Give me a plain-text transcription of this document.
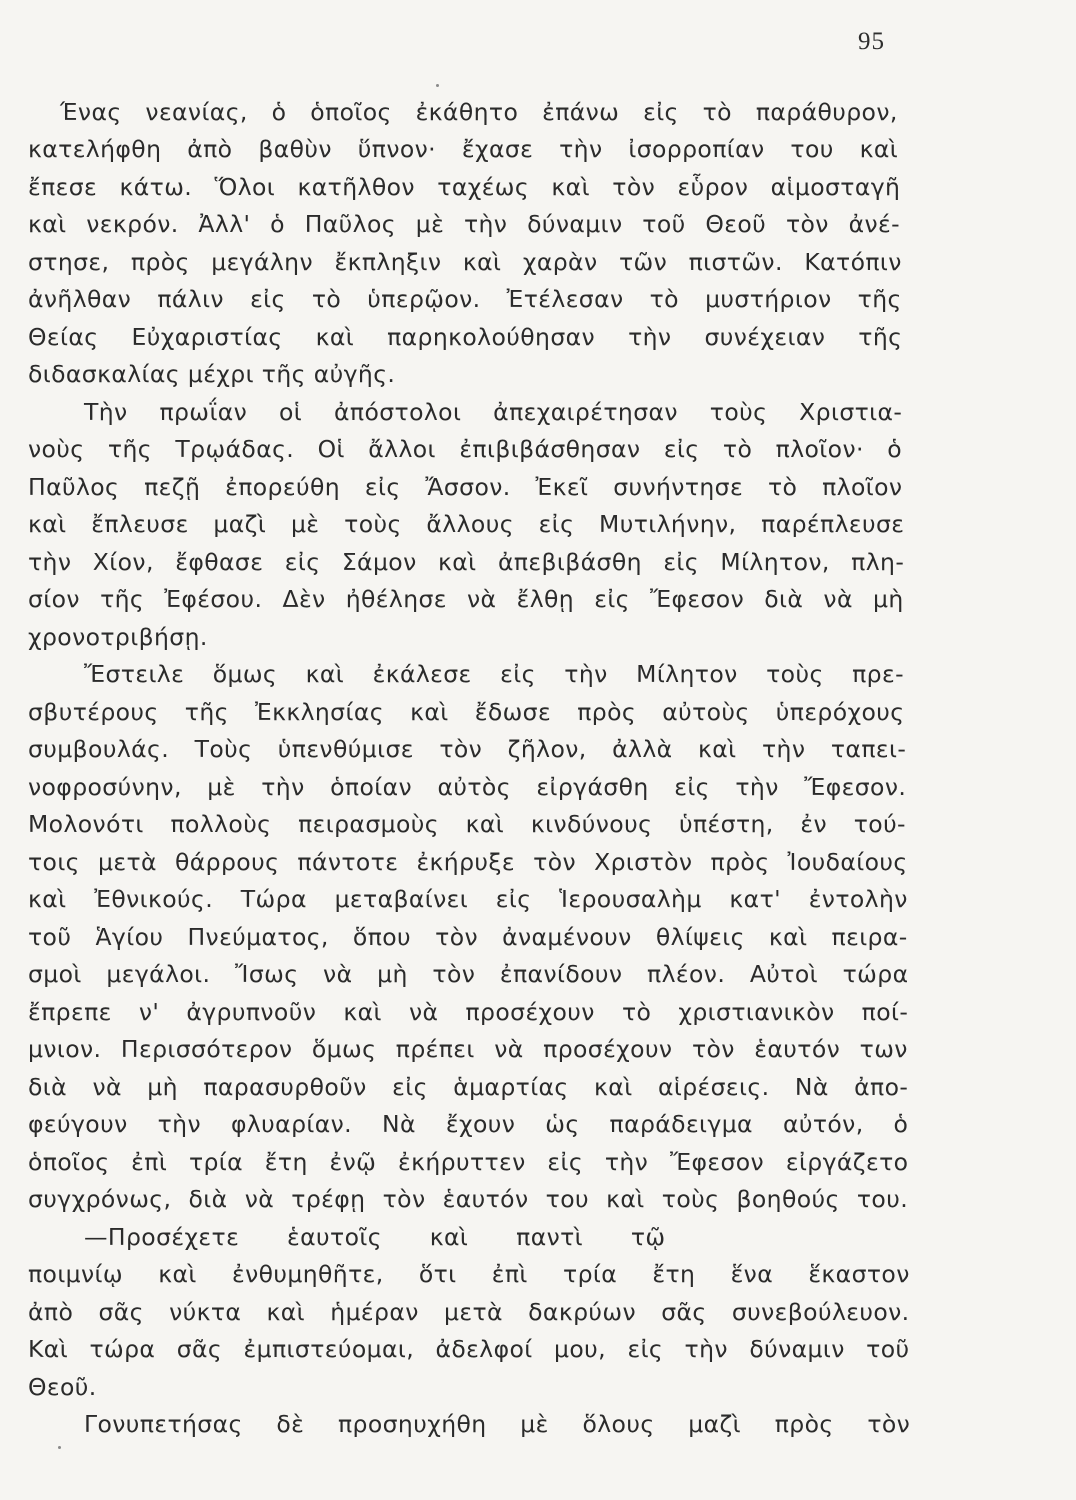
95
Ένας νεανίας, ὁ ὁποῖος ἐκάθητο ἐπάνω εἰς τὸ παράθυρον,
κατελήφθη ἀπὸ βαθὺν ὕπνον· ἔχασε τὴν ἰσορροπίαν του καὶ
ἔπεσε κάτω. Ὅλοι κατῆλθον ταχέως καὶ τὸν εὗρον αἱμοσταγῆ
καὶ νεκρόν. Ἀλλ' ὁ Παῦλος μὲ τὴν δύναμιν τοῦ Θεοῦ τὸν ἀνέ-
στησε, πρὸς μεγάλην ἔκπληξιν καὶ χαρὰν τῶν πιστῶν. Κατόπιν
ἀνῆλθαν πάλιν εἰς τὸ ὑπερῷον. Ἐτέλεσαν τὸ μυστήριον τῆς
Θείας Εὐχαριστίας καὶ παρηκολούθησαν τὴν συνέχειαν τῆς
διδασκαλίας μέχρι τῆς αὐγῆς.
Τὴν πρωΐαν οἱ ἀπόστολοι ἀπεχαιρέτησαν τοὺς Χριστια-
νοὺς τῆς Τρῳάδας. Οἱ ἄλλοι ἐπιβιβάσθησαν εἰς τὸ πλοῖον· ὁ
Παῦλος πεζῇ ἐπορεύθη εἰς Ἄσσον. Ἐκεῖ συνήντησε τὸ πλοῖον
καὶ ἔπλευσε μαζὶ μὲ τοὺς ἄλλους εἰς Μυτιλήνην, παρέπλευσε
τὴν Χίον, ἔφθασε εἰς Σάμον καὶ ἀπεβιβάσθη εἰς Μίλητον, πλη-
σίον τῆς Ἐφέσου. Δὲν ἠθέλησε νὰ ἔλθῃ εἰς Ἔφεσον διὰ νὰ μὴ
χρονοτριβήσῃ.
Ἔστειλε ὅμως καὶ ἐκάλεσε εἰς τὴν Μίλητον τοὺς πρε-
σβυτέρους τῆς Ἐκκλησίας καὶ ἔδωσε πρὸς αὐτοὺς ὑπερόχους
συμβουλάς. Τοὺς ὑπενθύμισε τὸν ζῆλον, ἀλλὰ καὶ τὴν ταπει-
νοφροσύνην, μὲ τὴν ὁποίαν αὐτὸς εἰργάσθη εἰς τὴν Ἔφεσον.
Μολονότι πολλοὺς πειρασμοὺς καὶ κινδύνους ὑπέστη, ἐν τού-
τοις μετὰ θάρρους πάντοτε ἐκήρυξε τὸν Χριστὸν πρὸς Ἰουδαίους
καὶ Ἐθνικούς. Τώρα μεταβαίνει εἰς Ἱερουσαλὴμ κατ' ἐντολὴν
τοῦ Ἁγίου Πνεύματος, ὅπου τὸν ἀναμένουν θλίψεις καὶ πειρα-
σμοὶ μεγάλοι. Ἴσως νὰ μὴ τὸν ἐπανίδουν πλέον. Αὐτοὶ τώρα
ἔπρεπε ν' ἀγρυπνοῦν καὶ νὰ προσέχουν τὸ χριστιανικὸν ποί-
μνιον. Περισσότερον ὅμως πρέπει νὰ προσέχουν τὸν ἑαυτόν των
διὰ νὰ μὴ παρασυρθοῦν εἰς ἁμαρτίας καὶ αἱρέσεις. Νὰ ἀπο-
φεύγουν τὴν φλυαρίαν. Νὰ ἔχουν ὡς παράδειγμα αὐτόν, ὁ
ὁποῖος ἐπὶ τρία ἔτη ἐνῷ ἐκήρυττεν εἰς τὴν Ἔφεσον εἰργάζετο
συγχρόνως, διὰ νὰ τρέφῃ τὸν ἑαυτόν του καὶ τοὺς βοηθούς του.
—Προσέχετε ἑαυτοῖς καὶ παντὶ τῷ
ποιμνίῳ καὶ ἐνθυμηθῆτε, ὅτι ἐπὶ τρία ἔτη ἕνα ἕκαστον
ἀπὸ σᾶς νύκτα καὶ ἡμέραν μετὰ δακρύων σᾶς συνεβούλευον.
Καὶ τώρα σᾶς ἐμπιστεύομαι, ἀδελφοί μου, εἰς τὴν δύναμιν τοῦ
Θεοῦ.
Γονυπετήσας δὲ προσηυχήθη μὲ ὅλους μαζὶ πρὸς τὸν
